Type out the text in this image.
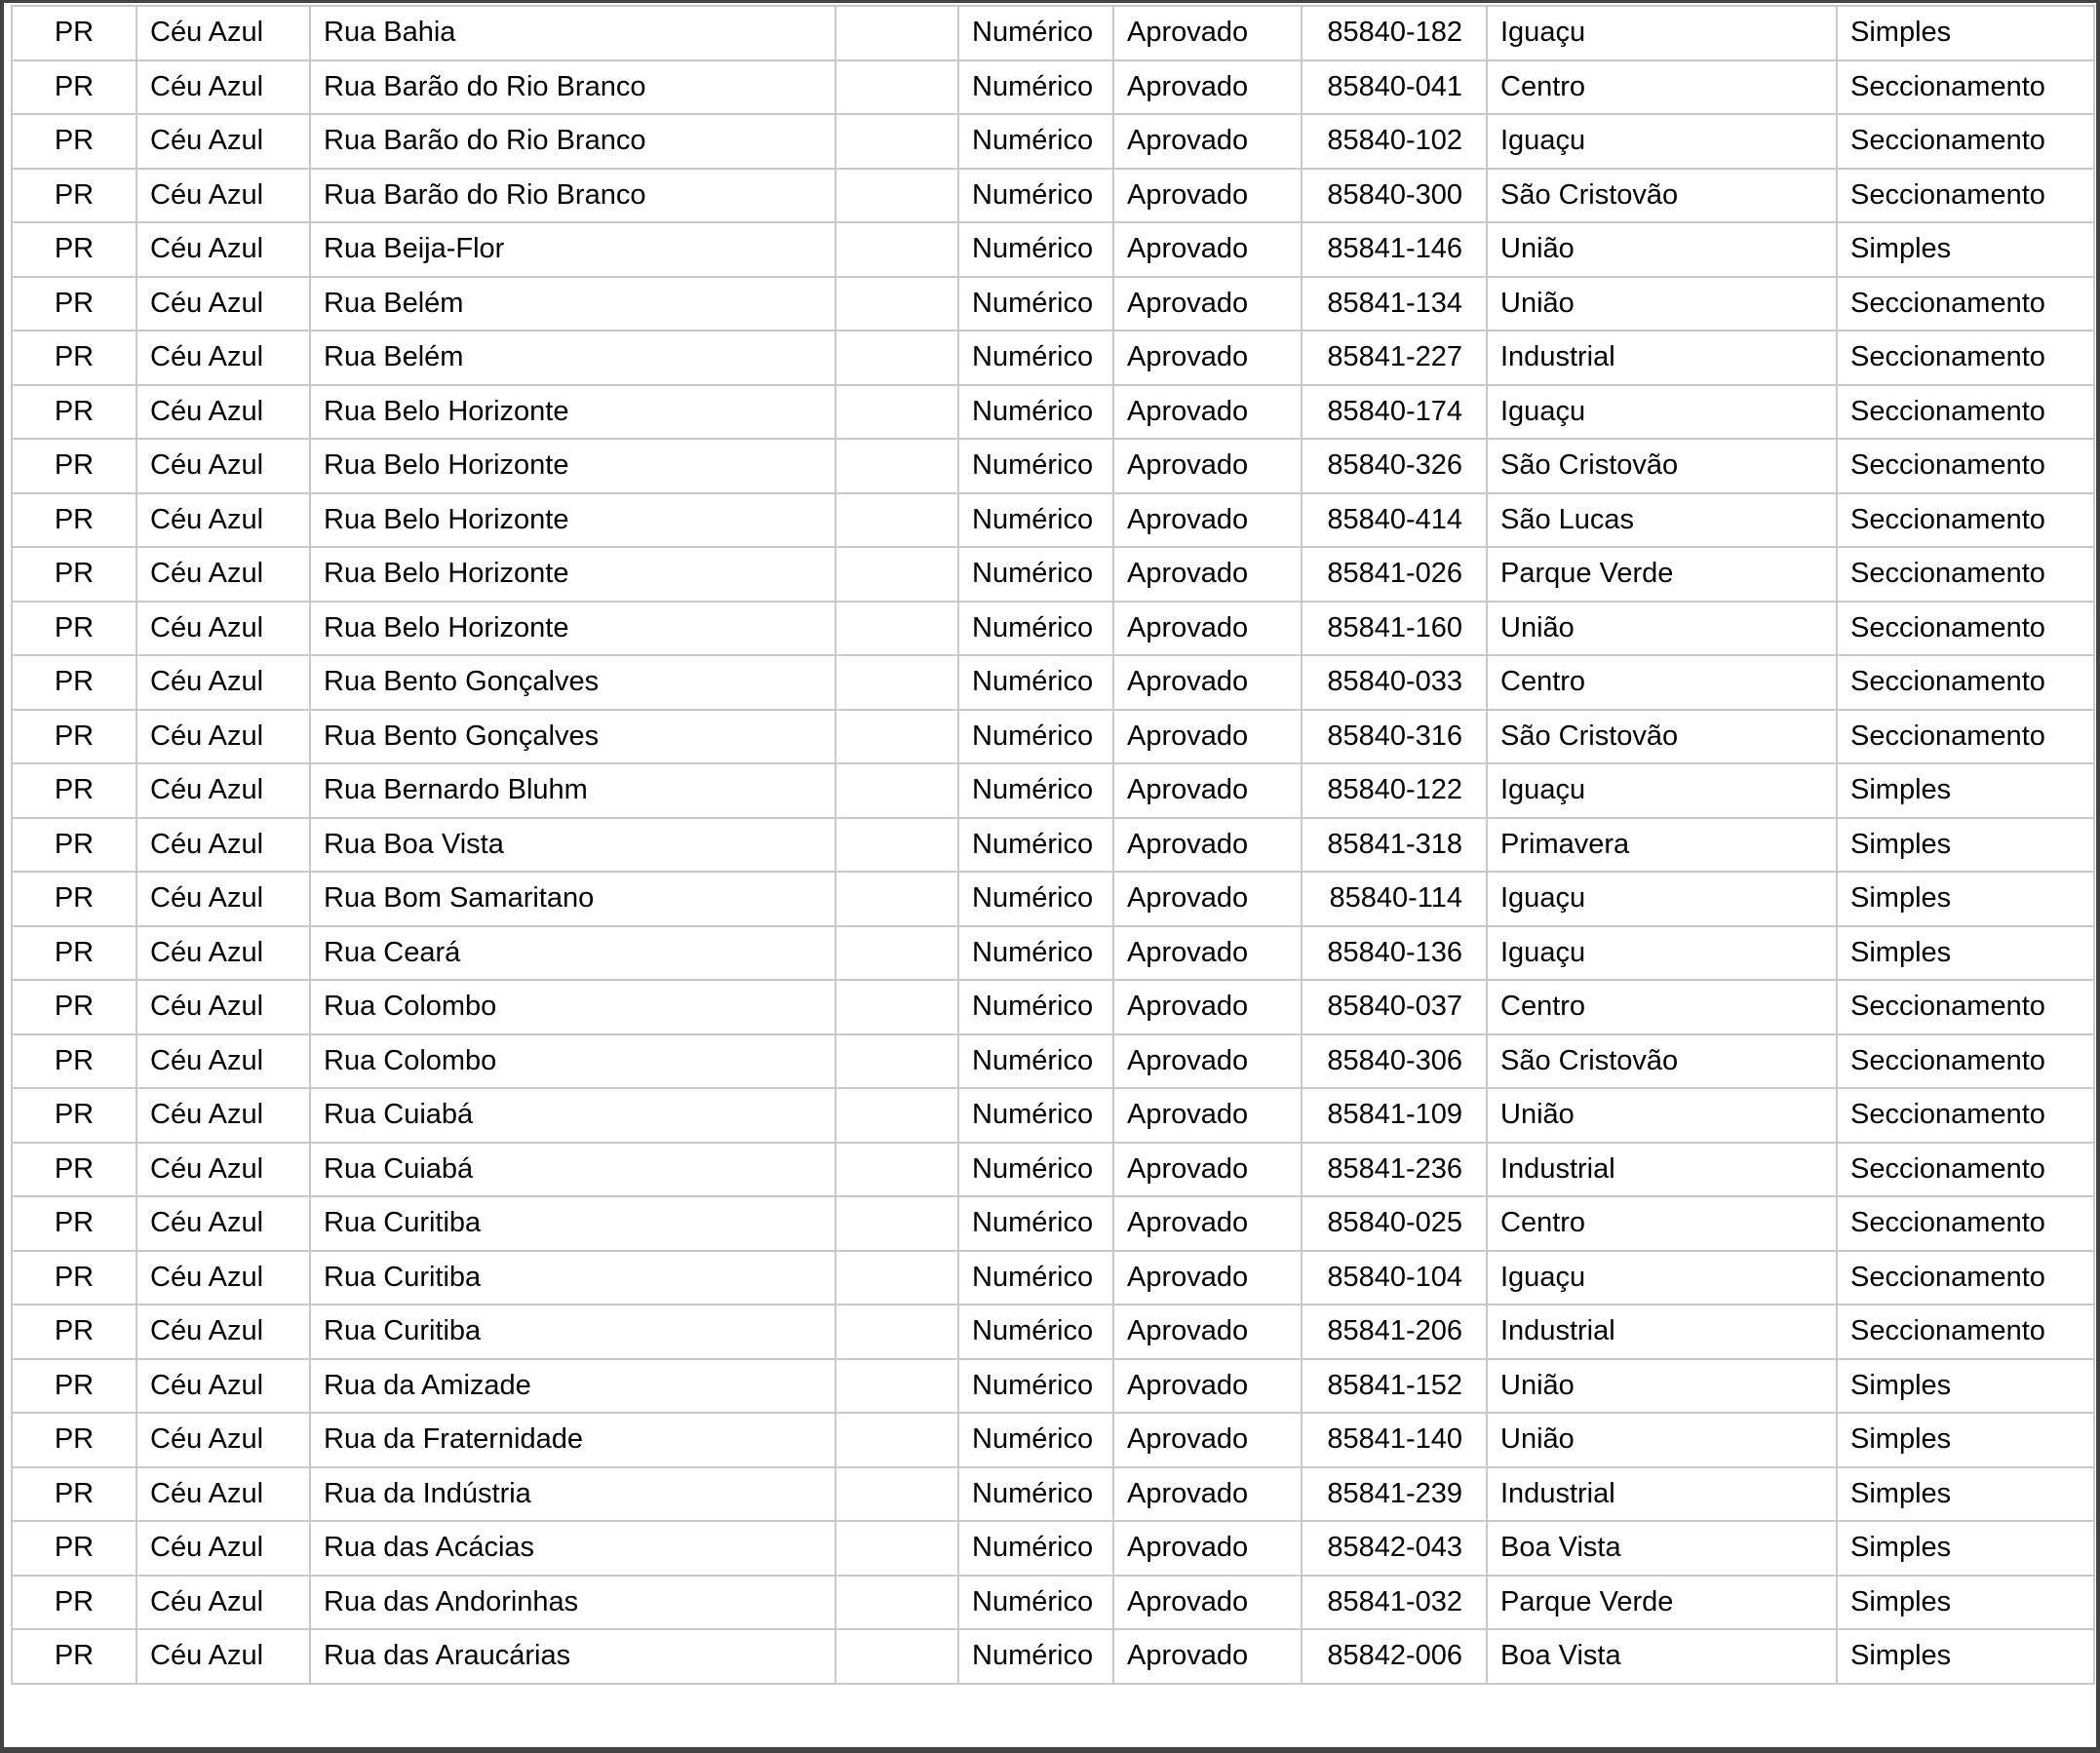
PR	Céu Azul	Rua Bahia		Numérico	Aprovado	85840-182	Iguaçu	Simples
PR	Céu Azul	Rua Barão do Rio Branco		Numérico	Aprovado	85840-041	Centro	Seccionamento
PR	Céu Azul	Rua Barão do Rio Branco		Numérico	Aprovado	85840-102	Iguaçu	Seccionamento
PR	Céu Azul	Rua Barão do Rio Branco		Numérico	Aprovado	85840-300	São Cristovão	Seccionamento
PR	Céu Azul	Rua Beija-Flor		Numérico	Aprovado	85841-146	União	Simples
PR	Céu Azul	Rua Belém		Numérico	Aprovado	85841-134	União	Seccionamento
PR	Céu Azul	Rua Belém		Numérico	Aprovado	85841-227	Industrial	Seccionamento
PR	Céu Azul	Rua Belo Horizonte		Numérico	Aprovado	85840-174	Iguaçu	Seccionamento
PR	Céu Azul	Rua Belo Horizonte		Numérico	Aprovado	85840-326	São Cristovão	Seccionamento
PR	Céu Azul	Rua Belo Horizonte		Numérico	Aprovado	85840-414	São Lucas	Seccionamento
PR	Céu Azul	Rua Belo Horizonte		Numérico	Aprovado	85841-026	Parque Verde	Seccionamento
PR	Céu Azul	Rua Belo Horizonte		Numérico	Aprovado	85841-160	União	Seccionamento
PR	Céu Azul	Rua Bento Gonçalves		Numérico	Aprovado	85840-033	Centro	Seccionamento
PR	Céu Azul	Rua Bento Gonçalves		Numérico	Aprovado	85840-316	São Cristovão	Seccionamento
PR	Céu Azul	Rua Bernardo Bluhm		Numérico	Aprovado	85840-122	Iguaçu	Simples
PR	Céu Azul	Rua Boa Vista		Numérico	Aprovado	85841-318	Primavera	Simples
PR	Céu Azul	Rua Bom Samaritano		Numérico	Aprovado	85840-114	Iguaçu	Simples
PR	Céu Azul	Rua Ceará		Numérico	Aprovado	85840-136	Iguaçu	Simples
PR	Céu Azul	Rua Colombo		Numérico	Aprovado	85840-037	Centro	Seccionamento
PR	Céu Azul	Rua Colombo		Numérico	Aprovado	85840-306	São Cristovão	Seccionamento
PR	Céu Azul	Rua Cuiabá		Numérico	Aprovado	85841-109	União	Seccionamento
PR	Céu Azul	Rua Cuiabá		Numérico	Aprovado	85841-236	Industrial	Seccionamento
PR	Céu Azul	Rua Curitiba		Numérico	Aprovado	85840-025	Centro	Seccionamento
PR	Céu Azul	Rua Curitiba		Numérico	Aprovado	85840-104	Iguaçu	Seccionamento
PR	Céu Azul	Rua Curitiba		Numérico	Aprovado	85841-206	Industrial	Seccionamento
PR	Céu Azul	Rua da Amizade		Numérico	Aprovado	85841-152	União	Simples
PR	Céu Azul	Rua da Fraternidade		Numérico	Aprovado	85841-140	União	Simples
PR	Céu Azul	Rua da Indústria		Numérico	Aprovado	85841-239	Industrial	Simples
PR	Céu Azul	Rua das Acácias		Numérico	Aprovado	85842-043	Boa Vista	Simples
PR	Céu Azul	Rua das Andorinhas		Numérico	Aprovado	85841-032	Parque Verde	Simples
PR	Céu Azul	Rua das Araucárias		Numérico	Aprovado	85842-006	Boa Vista	Simples
